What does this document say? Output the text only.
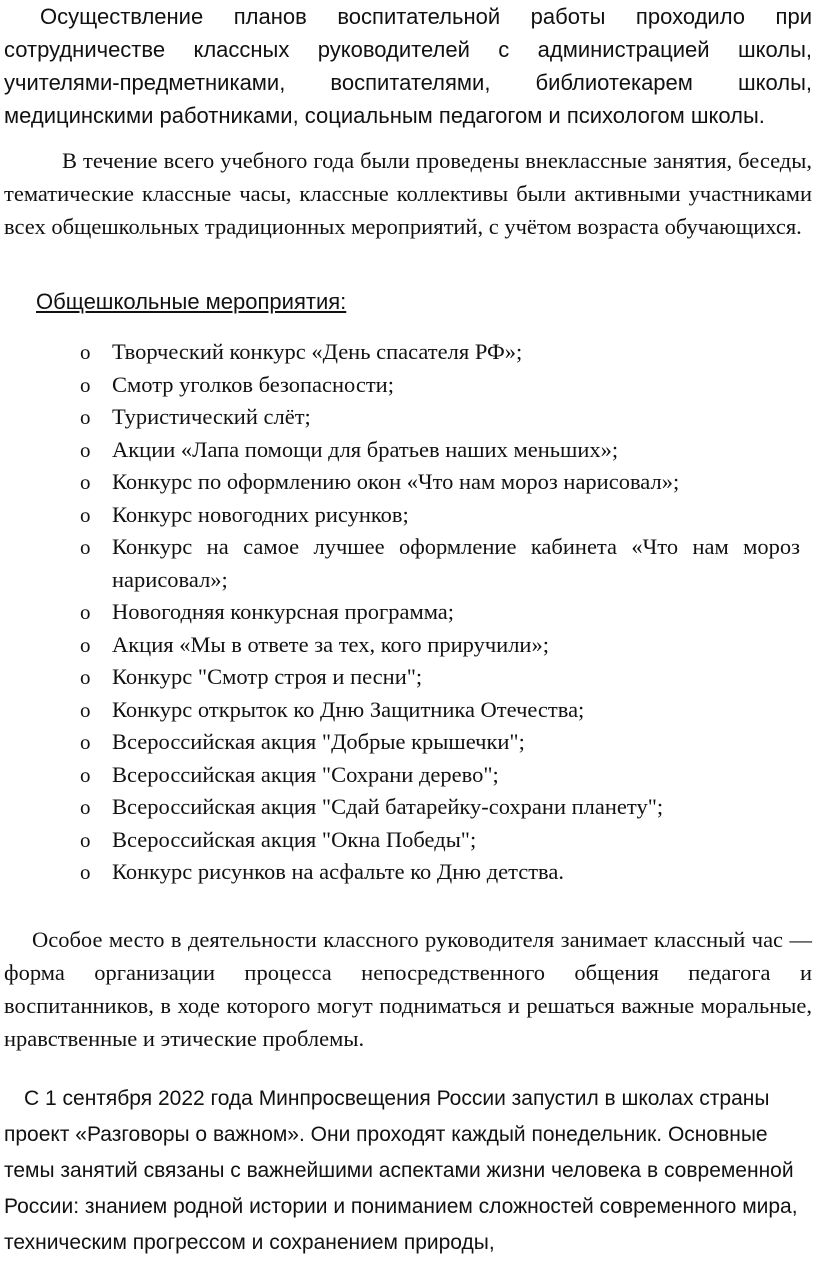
Осуществление планов воспитательной работы проходило при сотрудничестве классных руководителей с администрацией школы, учителями-предметниками, воспитателями, библиотекарем школы, медицинскими работниками, социальным педагогом и психологом школы.

В течение всего учебного года были проведены внеклассные занятия, беседы, тематические классные часы, классные коллективы были активными участниками всех общешкольных традиционных мероприятий, с учётом возраста обучающихся.

Общешкольные мероприятия:

o Творческий конкурс «День спасателя РФ»;
o Смотр уголков безопасности;
o Туристический слёт;
o Акции «Лапа помощи для братьев наших меньших»;
o Конкурс по оформлению окон «Что нам мороз нарисовал»;
o Конкурс новогодних рисунков;
o Конкурс на самое лучшее оформление кабинета «Что нам мороз нарисовал»;
o Новогодняя конкурсная программа;
o Акция «Мы в ответе за тех, кого приручили»;
o Конкурс "Смотр строя и песни";
o Конкурс открыток ко Дню Защитника Отечества;
o Всероссийская акция "Добрые крышечки";
o Всероссийская акция "Сохрани дерево";
o Всероссийская акция "Сдай батарейку-сохрани планету";
o Всероссийская акция "Окна Победы";
o Конкурс рисунков на асфальте ко Дню детства.

Особое место в деятельности классного руководителя занимает классный час — форма организации процесса непосредственного общения педагога и воспитанников, в ходе которого могут подниматься и решаться важные моральные, нравственные и этические проблемы.

С 1 сентября 2022 года Минпросвещения России запустил в школах страны проект «Разговоры о важном». Они проходят каждый понедельник. Основные темы занятий связаны с важнейшими аспектами жизни человека в современной России: знанием родной истории и пониманием сложностей современного мира, техническим прогрессом и сохранением природы,
